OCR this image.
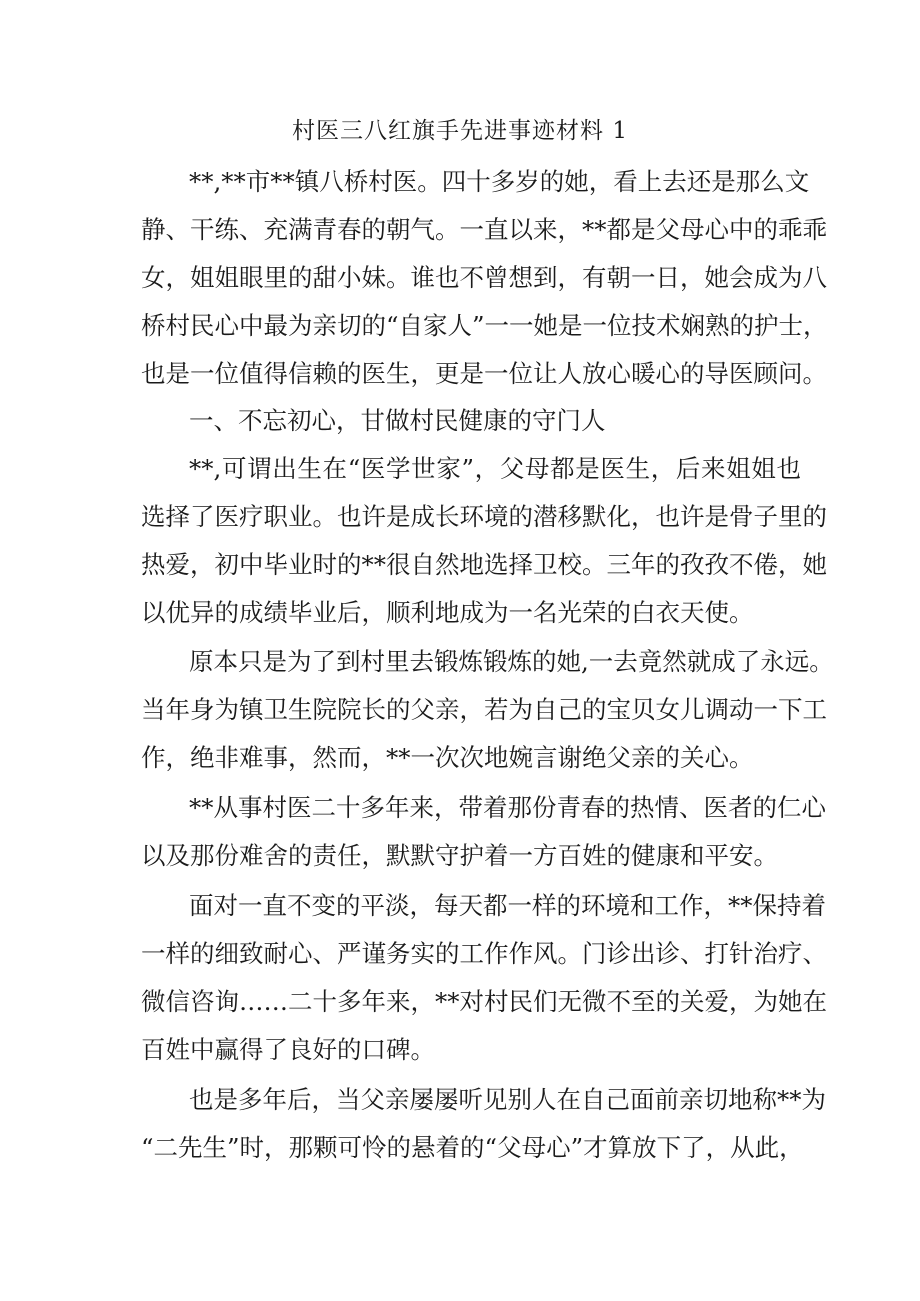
村医三八红旗手先进事迹材料 1
**,**市**镇八桥村医。四十多岁的她，看上去还是那么文
静、干练、充满青春的朝气。一直以来，**都是父母心中的乖乖
女，姐姐眼里的甜小妹。谁也不曾想到，有朝一日，她会成为八
桥村民心中最为亲切的“自家人”一一她是一位技术娴熟的护士，
也是一位值得信赖的医生，更是一位让人放心暖心的导医顾问。
一、不忘初心，甘做村民健康的守门人
**,可谓出生在“医学世家”，父母都是医生，后来姐姐也
选择了医疗职业。也许是成长环境的潜移默化，也许是骨子里的
热爱，初中毕业时的**很自然地选择卫校。三年的孜孜不倦，她
以优异的成绩毕业后，顺利地成为一名光荣的白衣天使。
原本只是为了到村里去锻炼锻炼的她,一去竟然就成了永远。
当年身为镇卫生院院长的父亲，若为自己的宝贝女儿调动一下工
作，绝非难事，然而，**一次次地婉言谢绝父亲的关心。
**从事村医二十多年来，带着那份青春的热情、医者的仁心
以及那份难舍的责任，默默守护着一方百姓的健康和平安。
面对一直不变的平淡，每天都一样的环境和工作，**保持着
一样的细致耐心、严谨务实的工作作风。门诊出诊、打针治疗、
微信咨询……二十多年来，**对村民们无微不至的关爱，为她在
百姓中赢得了良好的口碑。
也是多年后，当父亲屡屡听见别人在自己面前亲切地称**为
“二先生”时，那颗可怜的悬着的“父母心”才算放下了，从此，
